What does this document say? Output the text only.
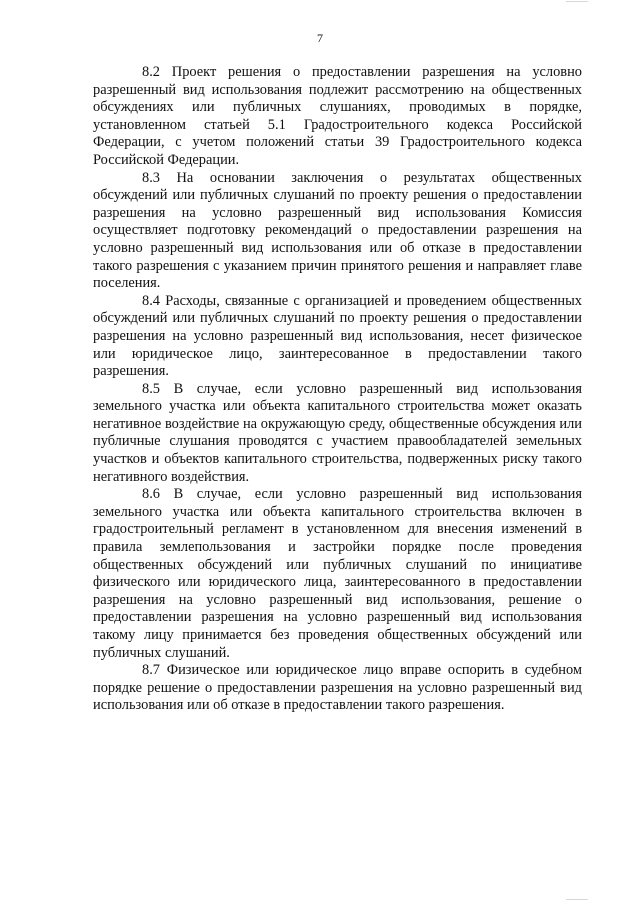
7

8.2 Проект решения о предоставлении разрешения на условно разрешенный вид использования подлежит рассмотрению на общественных обсуждениях или публичных слушаниях, проводимых в порядке, установленном статьей 5.1 Градостроительного кодекса Российской Федерации, с учетом положений статьи 39 Градостроительного кодекса Российской Федерации.

8.3 На основании заключения о результатах общественных обсуждений или публичных слушаний по проекту решения о предоставлении разрешения на условно разрешенный вид использования Комиссия осуществляет подготовку рекомендаций о предоставлении разрешения на условно разрешенный вид использования или об отказе в предоставлении такого разрешения с указанием причин принятого решения и направляет главе поселения.

8.4 Расходы, связанные с организацией и проведением общественных обсуждений или публичных слушаний по проекту решения о предоставлении разрешения на условно разрешенный вид использования, несет физическое или юридическое лицо, заинтересованное в предоставлении такого разрешения.

8.5 В случае, если условно разрешенный вид использования земельного участка или объекта капитального строительства может оказать негативное воздействие на окружающую среду, общественные обсуждения или публичные слушания проводятся с участием правообладателей земельных участков и объектов капитального строительства, подверженных риску такого негативного воздействия.

8.6 В случае, если условно разрешенный вид использования земельного участка или объекта капитального строительства включен в градостроительный регламент в установленном для внесения изменений в правила землепользования и застройки порядке после проведения общественных обсуждений или публичных слушаний по инициативе физического или юридического лица, заинтересованного в предоставлении разрешения на условно разрешенный вид использования, решение о предоставлении разрешения на условно разрешенный вид использования такому лицу принимается без проведения общественных обсуждений или публичных слушаний.

8.7 Физическое или юридическое лицо вправе оспорить в судебном порядке решение о предоставлении разрешения на условно разрешенный вид использования или об отказе в предоставлении такого разрешения.
